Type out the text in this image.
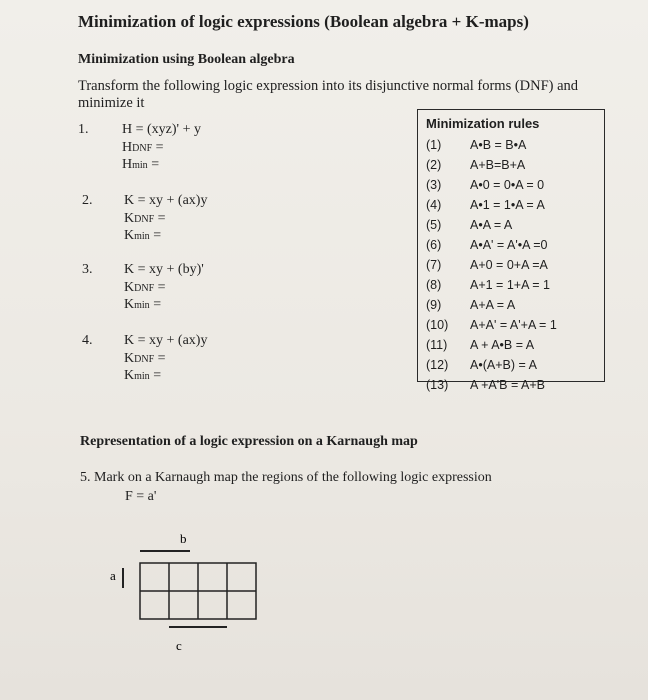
Minimization of logic expressions (Boolean algebra + K-maps)
Minimization using Boolean algebra
Transform the following logic expression into its disjunctive normal forms (DNF) and minimize it
1. H = (xyz)' + y
HDNF =
Hmin =
2. K = xy + (ax)y
KDNF =
Kmin =
3. K = xy + (by)'
KDNF =
Kmin =
4. K = xy + (ax)y
KDNF =
Kmin =
Minimization rules
(1) A•B = B•A
(2) A+B=B+A
(3) A•0 = 0•A = 0
(4) A•1 = 1•A = A
(5) A•A = A
(6) A•A' = A'•A =0
(7) A+0 = 0+A =A
(8) A+1 = 1+A = 1
(9) A+A = A
(10) A+A' = A'+A = 1
(11) A + A•B = A
(12) A•(A+B) = A
(13) A +A'B = A+B
Representation of a logic expression on a Karnaugh map
5. Mark on a Karnaugh map the regions of the following logic expression
F = a'
b
a
c
